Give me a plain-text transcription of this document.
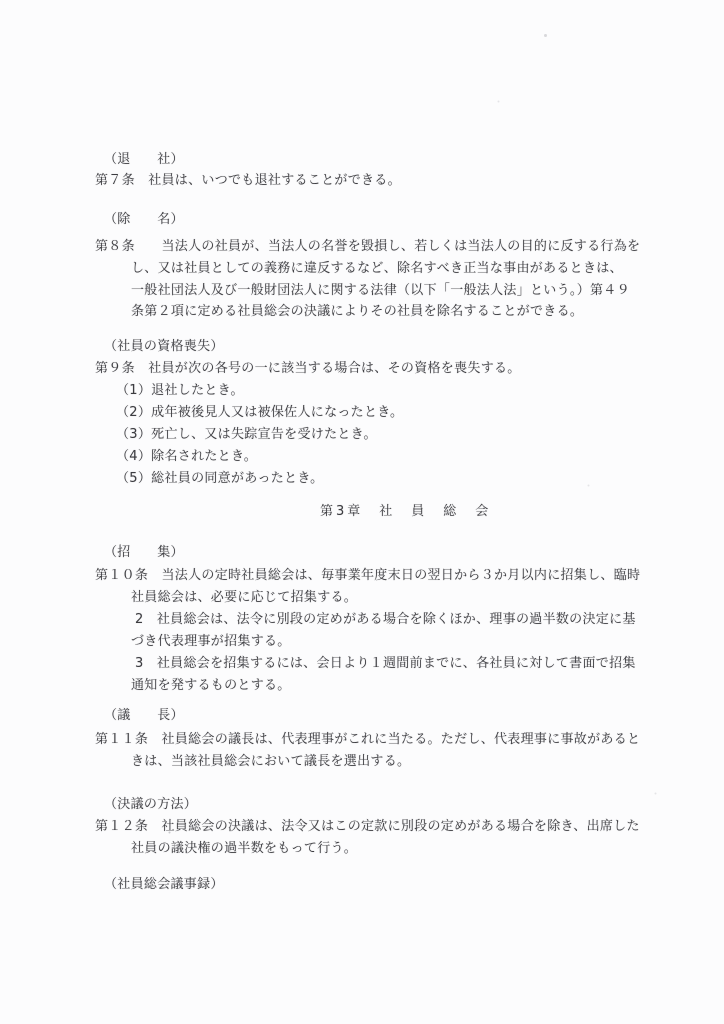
（退　　社）
第７条　社員は、いつでも退社することができる。
（除　　名）
第８条　　当法人の社員が、当法人の名誉を毀損し、若しくは当法人の目的に反する行為を
し、又は社員としての義務に違反するなど、除名すべき正当な事由があるときは、
一般社団法人及び一般財団法人に関する法律（以下「一般法人法」という。）第４９
条第２項に定める社員総会の決議によりその社員を除名することができる。
（社員の資格喪失）
第９条　社員が次の各号の一に該当する場合は、その資格を喪失する。
（1）退社したとき。
（2）成年被後見人又は被保佐人になったとき。
（3）死亡し、又は失踪宣告を受けたとき。
（4）除名されたとき。
（5）総社員の同意があったとき。
第3章　社　員　総　会
（招　　集）
第１０条　当法人の定時社員総会は、毎事業年度末日の翌日から３か月以内に招集し、臨時
社員総会は、必要に応じて招集する。
2　社員総会は、法令に別段の定めがある場合を除くほか、理事の過半数の決定に基
づき代表理事が招集する。
3　社員総会を招集するには、会日より１週間前までに、各社員に対して書面で招集
通知を発するものとする。
（議　　長）
第１１条　社員総会の議長は、代表理事がこれに当たる。ただし、代表理事に事故があると
きは、当該社員総会において議長を選出する。
（決議の方法）
第１２条　社員総会の決議は、法令又はこの定款に別段の定めがある場合を除き、出席した
社員の議決権の過半数をもって行う。
（社員総会議事録）
